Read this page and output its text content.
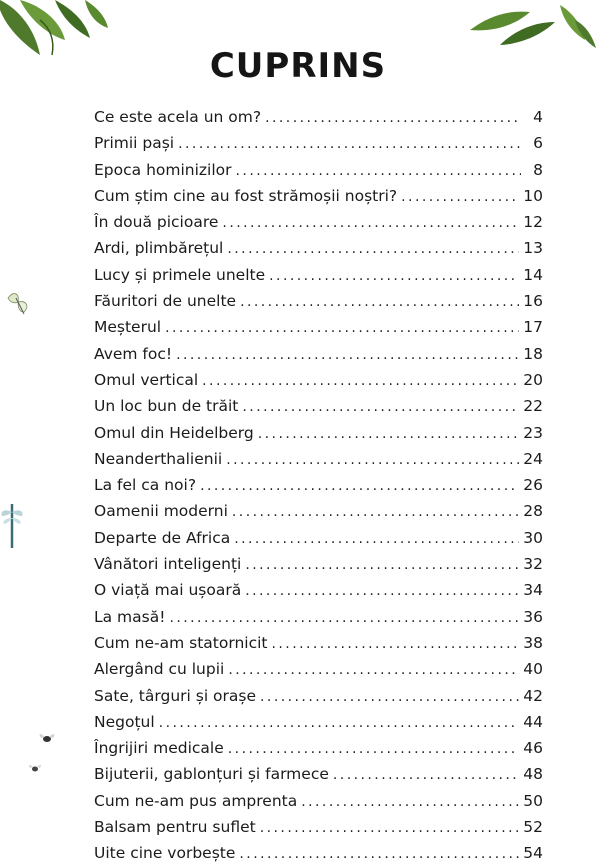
CUPRINS
Ce este acela un om? . . .	4
Primii pași . . .	6
Epoca hominizilor . . .	8
Cum știm cine au fost strămoșii noștri? . . .	10
În două picioare . . .	12
Ardi, plimbărețul . . .	13
Lucy și primele unelte . . .	14
Făuritori de unelte . . .	16
Meșterul . . .	17
Avem foc! . . .	18
Omul vertical . . .	20
Un loc bun de trăit . . .	22
Omul din Heidelberg . . .	23
Neanderthalienii . . .	24
La fel ca noi? . . .	26
Oamenii moderni . . .	28
Departe de Africa . . .	30
Vânători inteligenți . . .	32
O viață mai ușoară . . .	34
La masă! . . .	36
Cum ne-am statornicit . . .	38
Alergând cu lupii . . .	40
Sate, târguri și orașe . . .	42
Negoțul . . .	44
Îngrijiri medicale . . .	46
Bijuterii, gablonțuri și farmece . . .	48
Cum ne-am pus amprenta . . .	50
Balsam pentru suflet . . .	52
Uite cine vorbește . . .	54
